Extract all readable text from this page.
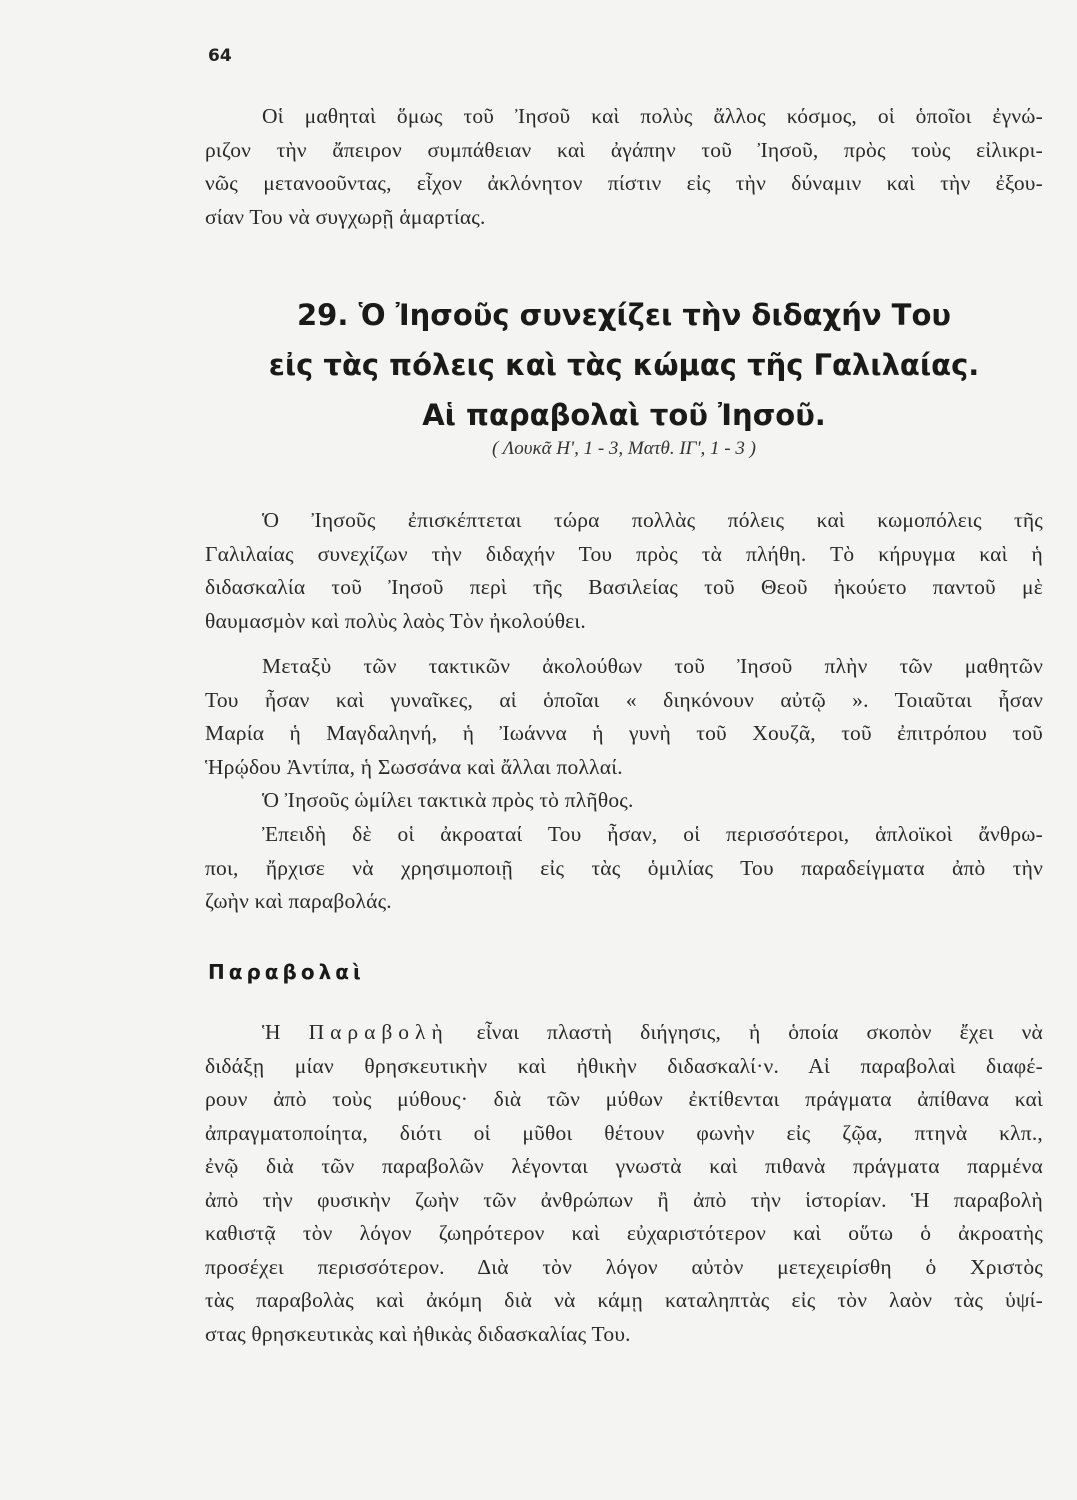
64
Οἱ μαθηταὶ ὅμως τοῦ Ἰησοῦ καὶ πολὺς ἄλλος κόσμος, οἱ ὁποῖοι ἐγνώ-
ριζον τὴν ἄπειρον συμπάθειαν καὶ ἀγάπην τοῦ Ἰησοῦ, πρὸς τοὺς εἰλικρι-
νῶς μετανοοῦντας, εἶχον ἀκλόνητον πίστιν εἰς τὴν δύναμιν καὶ τὴν ἐξου-
σίαν Του νὰ συγχωρῇ ἁμαρτίας.
29. Ὁ Ἰησοῦς συνεχίζει τὴν διδαχήν Του
εἰς τὰς πόλεις καὶ τὰς κώμας τῆς Γαλιλαίας.
Αἱ παραβολαὶ τοῦ Ἰησοῦ.
( Λουκᾶ Η', 1 - 3, Ματθ. ΙΓ', 1 - 3 )
Ὁ Ἰησοῦς ἐπισκέπτεται τώρα πολλὰς πόλεις καὶ κωμοπόλεις τῆς
Γαλιλαίας συνεχίζων τὴν διδαχήν Του πρὸς τὰ πλήθη. Τὸ κήρυγμα καὶ ἡ
διδασκαλία τοῦ Ἰησοῦ περὶ τῆς Βασιλείας τοῦ Θεοῦ ἠκούετο παντοῦ μὲ
θαυμασμὸν καὶ πολὺς λαὸς Τὸν ἠκολούθει.
Μεταξὺ τῶν τακτικῶν ἀκολούθων τοῦ Ἰησοῦ πλὴν τῶν μαθητῶν
Του ἦσαν καὶ γυναῖκες, αἱ ὁποῖαι « διηκόνουν αὐτῷ ». Τοιαῦται ἦσαν
Μαρία ἡ Μαγδαληνή, ἡ Ἰωάννα ἡ γυνὴ τοῦ Χουζᾶ, τοῦ ἐπιτρόπου τοῦ
Ἡρῴδου Ἀντίπα, ἡ Σωσσάνα καὶ ἄλλαι πολλαί.
Ὁ Ἰησοῦς ὡμίλει τακτικὰ πρὸς τὸ πλῆθος.
Ἐπειδὴ δὲ οἱ ἀκροαταί Του ἦσαν, οἱ περισσότεροι, ἁπλοϊκοὶ ἄνθρω-
ποι, ἤρχισε νὰ χρησιμοποιῇ εἰς τὰς ὁμιλίας Του παραδείγματα ἀπὸ τὴν
ζωὴν καὶ παραβολάς.
Παραβολαὶ
Ἡ Παραβολὴ εἶναι πλαστὴ διήγησις, ἡ ὁποία σκοπὸν ἔχει νὰ
διδάξῃ μίαν θρησκευτικὴν καὶ ἠθικὴν διδασκαλί·ν. Αἱ παραβολαὶ διαφέ-
ρουν ἀπὸ τοὺς μύθους· διὰ τῶν μύθων ἐκτίθενται πράγματα ἀπίθανα καὶ
ἀπραγματοποίητα, διότι οἱ μῦθοι θέτουν φωνὴν εἰς ζῷα, πτηνὰ κλπ.,
ἐνῷ διὰ τῶν παραβολῶν λέγονται γνωστὰ καὶ πιθανὰ πράγματα παρμένα
ἀπὸ τὴν φυσικὴν ζωὴν τῶν ἀνθρώπων ἢ ἀπὸ τὴν ἱστορίαν. Ἡ παραβολὴ
καθιστᾷ τὸν λόγον ζωηρότερον καὶ εὐχαριστότερον καὶ οὕτω ὁ ἀκροατὴς
προσέχει περισσότερον. Διὰ τὸν λόγον αὐτὸν μετεχειρίσθη ὁ Χριστὸς
τὰς παραβολὰς καὶ ἀκόμη διὰ νὰ κάμῃ καταληπτὰς εἰς τὸν λαὸν τὰς ὑψί-
στας θρησκευτικὰς καὶ ἠθικὰς διδασκαλίας Του.
